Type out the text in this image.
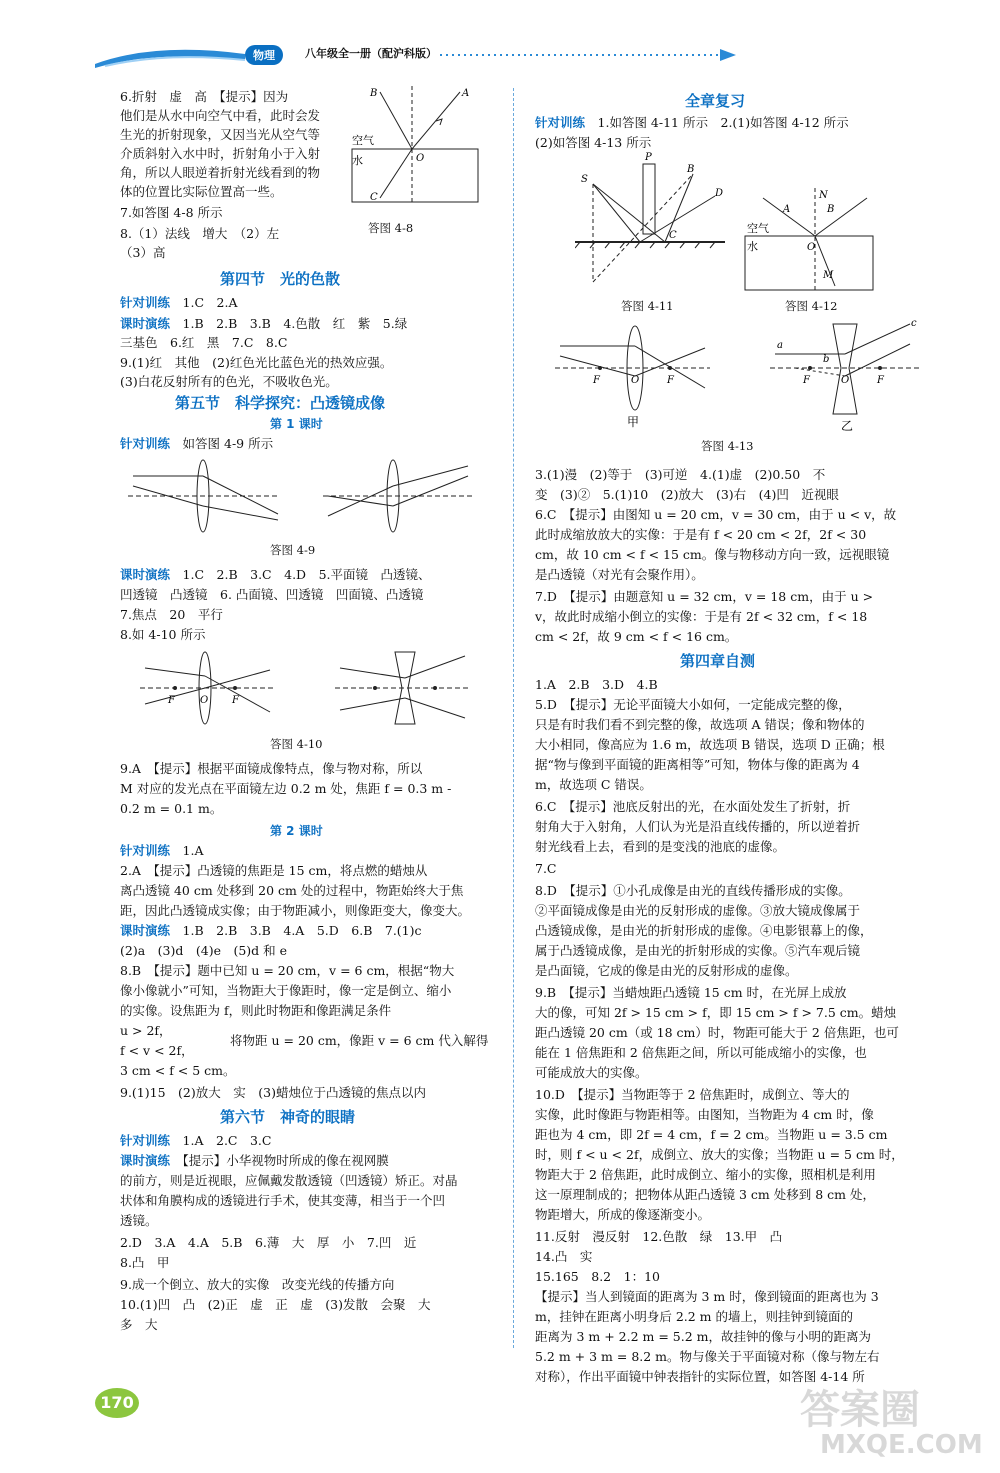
物理	八年级全一册（配沪科版）
6.折射　虚　高　【提示】因为
他们是从水中向空气中看，此时会发
生光的折射现象，又因当光从空气等
介质斜射入水中时，折射角小于入射
角，所以人眼逆着折射光线看到的物
体的位置比实际位置高一些。
7.如答图 4-8 所示
8.（1）法线　增大　（2）左
（3）高
空气
水
A
B
C
O
答图 4-8
第四节　光的色散
针对训练　 1.C　2.A
课时演练　 1.B　2.B　3.B　4.色散　红　紫　5.绿
三基色　6.红　黑　7.C　8.C
9.(1)红　其他　(2)红色光比蓝色光的热效应强。
(3)白花反射所有的色光，不吸收色光。
第五节　科学探究：凸透镜成像
第 1 课时
针对训练　 如答图 4-9 所示
答图 4-9
课时演练　 1.C　2.B　3.C　4.D　5.平面镜　凸透镜、
凹透镜　凸透镜　6. 凸面镜、凹透镜　凹面镜、凸透镜
7.焦点　20　平行
8.如 4-10 所示
F	O F
答图 4-10
9.A　【提示】根据平面镜成像特点，像与物对称，所以
M 对应的发光点在平面镜左边 0.2 m 处，焦距 f = 0.3 m -
0.2 m = 0.1 m。
第 2 课时
针对训练　 1.A
2.A　【提示】凸透镜的焦距是 15 cm，将点燃的蜡烛从
离凸透镜 40 cm 处移到 20 cm 处的过程中，物距始终大于焦
距，因此凸透镜成实像；由于物距减小，则像距变大，像变大。
课时演练　 1.B　2.B　3.B　4.A　5.D　6.B　7.(1)c
(2)a　(3)d　(4)e　(5)d 和 e
8.B　【提示】题中已知 u = 20 cm，v = 6 cm，根据“物大
像小像就小”可知，当物距大于像距时，像一定是倒立、缩小
的实像。设焦距为 f，则此时物距和像距满足条件
u > 2f，
将物距 u = 20 cm，像距 v = 6 cm 代入解得
f < v < 2f，
3 cm < f < 5 cm。
9.(1)15　(2)放大　实　(3)蜡烛位于凸透镜的焦点以内
第六节　神奇的眼睛
针对训练　 1.A　2.C　3.C
课时演练　 【提示】小华视物时所成的像在视网膜
的前方，则是近视眼，应佩戴发散透镜（凹透镜）矫正。对晶
状体和角膜构成的透镜进行手术，使其变薄，相当于一个凹
透镜。
2.D　3.A　4.A　5.B　6.薄　大　厚　小　7.凹　近
8.凸　甲
9.成一个倒立、放大的实像　改变光线的传播方向
10.(1)凹　凸　(2)正　虚　正　虚　(3)发散　会聚　大
多　大
全章复习
针对训练　 1.如答图 4-11 所示　2.(1)如答图 4-12 所示
(2)如答图 4-13 所示
P
S
B
C
D
答图 4-11
N
A	B
O
M
空气
水
答图 4-12
F	O	F
甲
a
b
c
F	O	F
乙
答图 4-13
3.(1)漫　(2)等于　(3)可逆　4.(1)虚　(2)0.50　不
变　(3)②　5.(1)10　(2)放大　(3)右　(4)凹　近视眼
6.C　【提示】由图知 u = 20 cm，v = 30 cm，由于 u < v，故
此时成缩放放大的实像：于是有 f < 20 cm < 2f，2f < 30
cm，故 10 cm < f < 15 cm。像与物移动方向一致，远视眼镜
是凸透镜（对光有会聚作用）。
7.D　【提示】由题意知 u = 32 cm，v = 18 cm，由于 u >
v，故此时成缩小倒立的实像：于是有 2f < 32 cm，f < 18
cm < 2f，故 9 cm < f < 16 cm。
第四章自测
1.A　2.B　3.D　4.B
5.D　【提示】无论平面镜大小如何，一定能成完整的像，
只是有时我们看不到完整的像，故选项 A 错误；像和物体的
大小相同，像高应为 1.6 m，故选项 B 错误，选项 D 正确；根
据“物与像到平面镜的距离相等”可知，物体与像的距离为 4
m，故选项 C 错误。
6.C　【提示】池底反射出的光，在水面处发生了折射，折
射角大于入射角，人们认为光是沿直线传播的，所以逆着折
射光线看上去，看到的是变浅的池底的虚像。
7.C
8.D　【提示】①小孔成像是由光的直线传播形成的实像。
②平面镜成像是由光的反射形成的虚像。③放大镜成像属于
凸透镜成像，是由光的折射形成的虚像。④电影银幕上的像，
属于凸透镜成像，是由光的折射形成的实像。⑤汽车观后镜
是凸面镜，它成的像是由光的反射形成的虚像。
9.B　【提示】当蜡烛距凸透镜 15 cm 时，在光屏上成放
大的像，可知 2f > 15 cm > f，即 15 cm > f > 7.5 cm。蜡烛
距凸透镜 20 cm（或 18 cm）时，物距可能大于 2 倍焦距，也可
能在 1 倍焦距和 2 倍焦距之间，所以可能成缩小的实像，也
可能成放大的实像。
10.D　【提示】当物距等于 2 倍焦距时，成倒立、等大的
实像，此时像距与物距相等。由图知，当物距为 4 cm 时，像
距也为 4 cm，即 2f = 4 cm，f = 2 cm。当物距 u = 3.5 cm
时，则 f < u < 2f，成倒立、放大的实像；当物距 u = 5 cm 时，
物距大于 2 倍焦距，此时成倒立、缩小的实像，照相机是利用
这一原理制成的；把物体从距凸透镜 3 cm 处移到 8 cm 处，
物距增大，所成的像逐渐变小。
11.反射　漫反射　12.色散　绿　13.甲　凸
14.凸　实
15.165　8.2　1：10
【提示】当人到镜面的距离为 3 m 时，像到镜面的距离也为 3
m，挂钟在距离小明身后 2.2 m 的墙上，则挂钟到镜面的
距离为 3 m + 2.2 m = 5.2 m，故挂钟的像与小明的距离为
5.2 m + 3 m = 8.2 m。物与像关于平面镜对称（像与物左右
对称），作出平面镜中钟表指针的实际位置，如答图 4-14 所
170	答案圈
MXQE.COM
